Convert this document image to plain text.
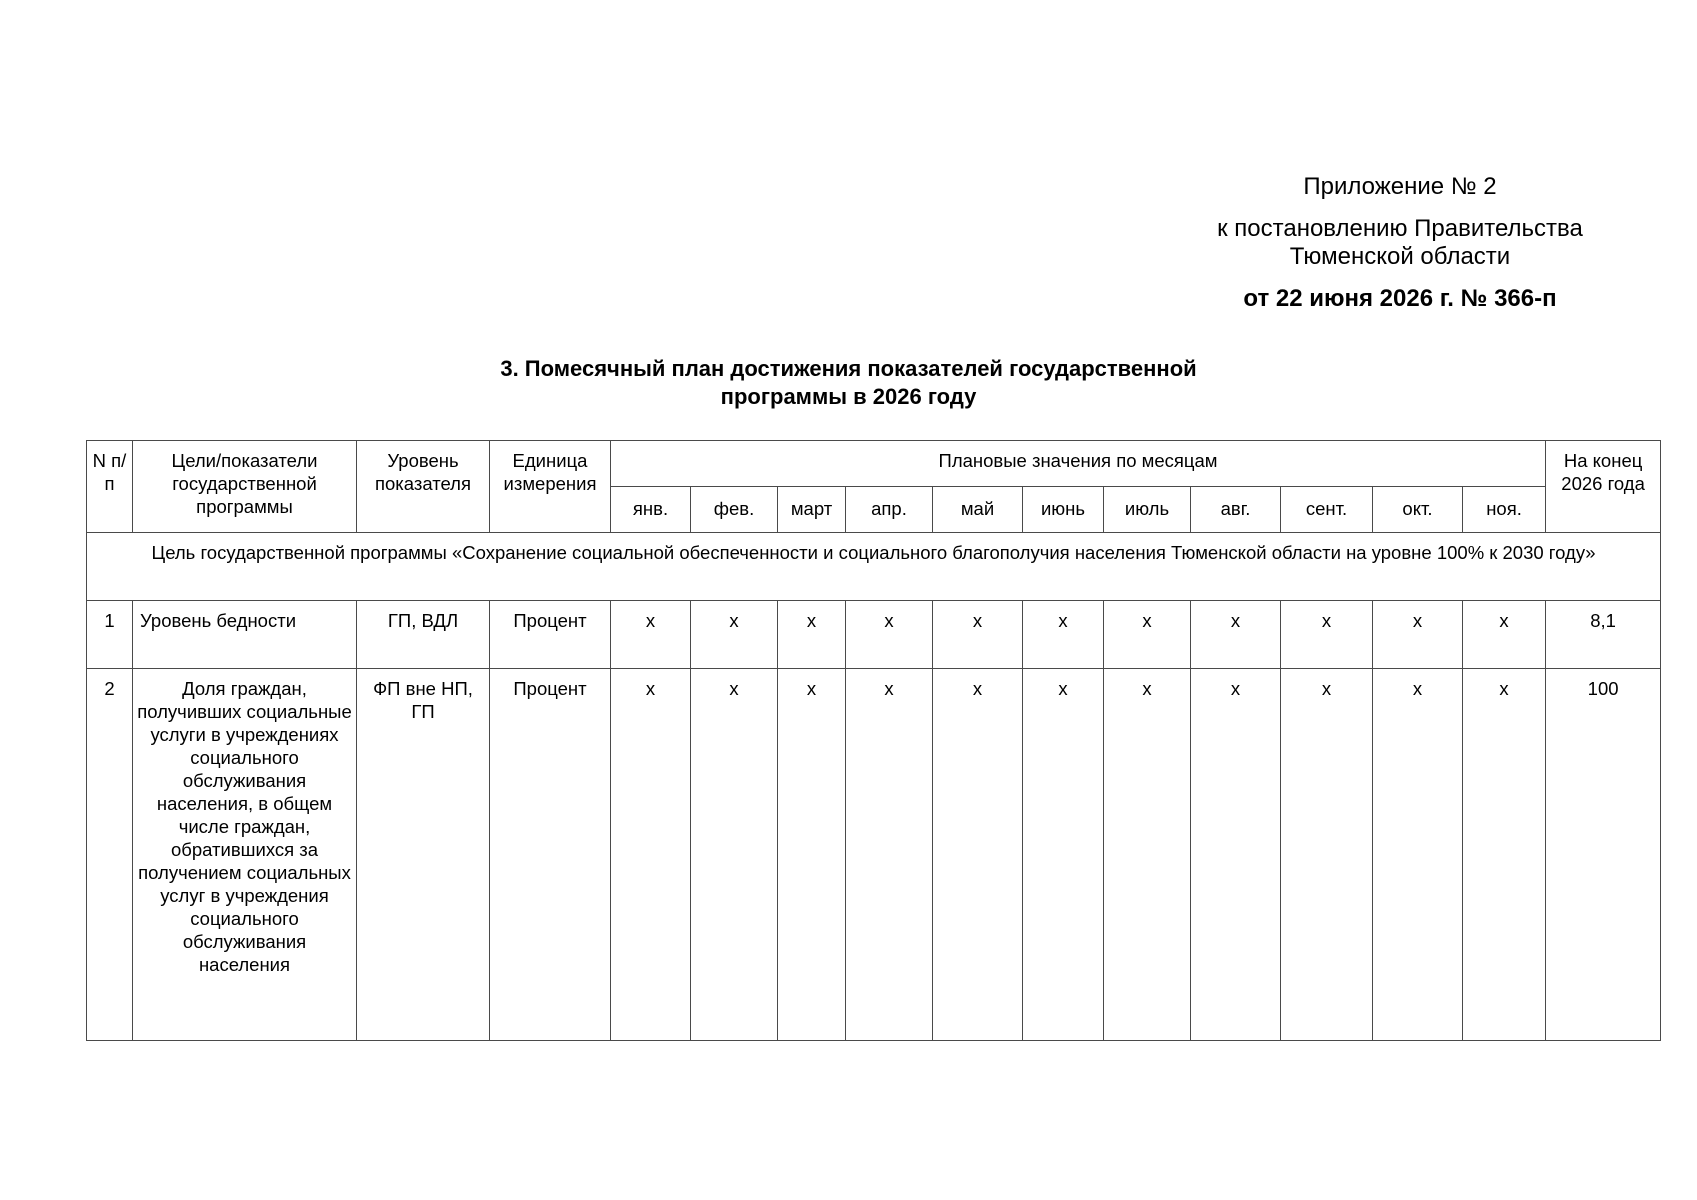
Приложение № 2
к постановлению Правительства
Тюменской области
от 22 июня 2026 г. № 366-п
3. Помесячный план достижения показателей государственной
программы в 2026 году
N п/п	Цели/показатели государственной программы	Уровень показателя	Единица измерения	Плановые значения по месяцам											На конец 2026 года
				янв.	фев.	март	апр.	май	июнь	июль	авг.	сент.	окт.	ноя.	
Цель государственной программы «Сохранение социальной обеспеченности и социального благополучия населения Тюменской области на уровне 100% к 2030 году»															
1	Уровень бедности	ГП, ВДЛ	Процент	x	x	x	x	x	x	x	x	x	x	x	8,1
2	Доля граждан, получивших социальные услуги в учреждениях социального обслуживания населения, в общем числе граждан, обратившихся за получением социальных услуг в учреждения социального обслуживания населения	ФП вне НП, ГП	Процент	x	x	x	x	x	x	x	x	x	x	x	100
